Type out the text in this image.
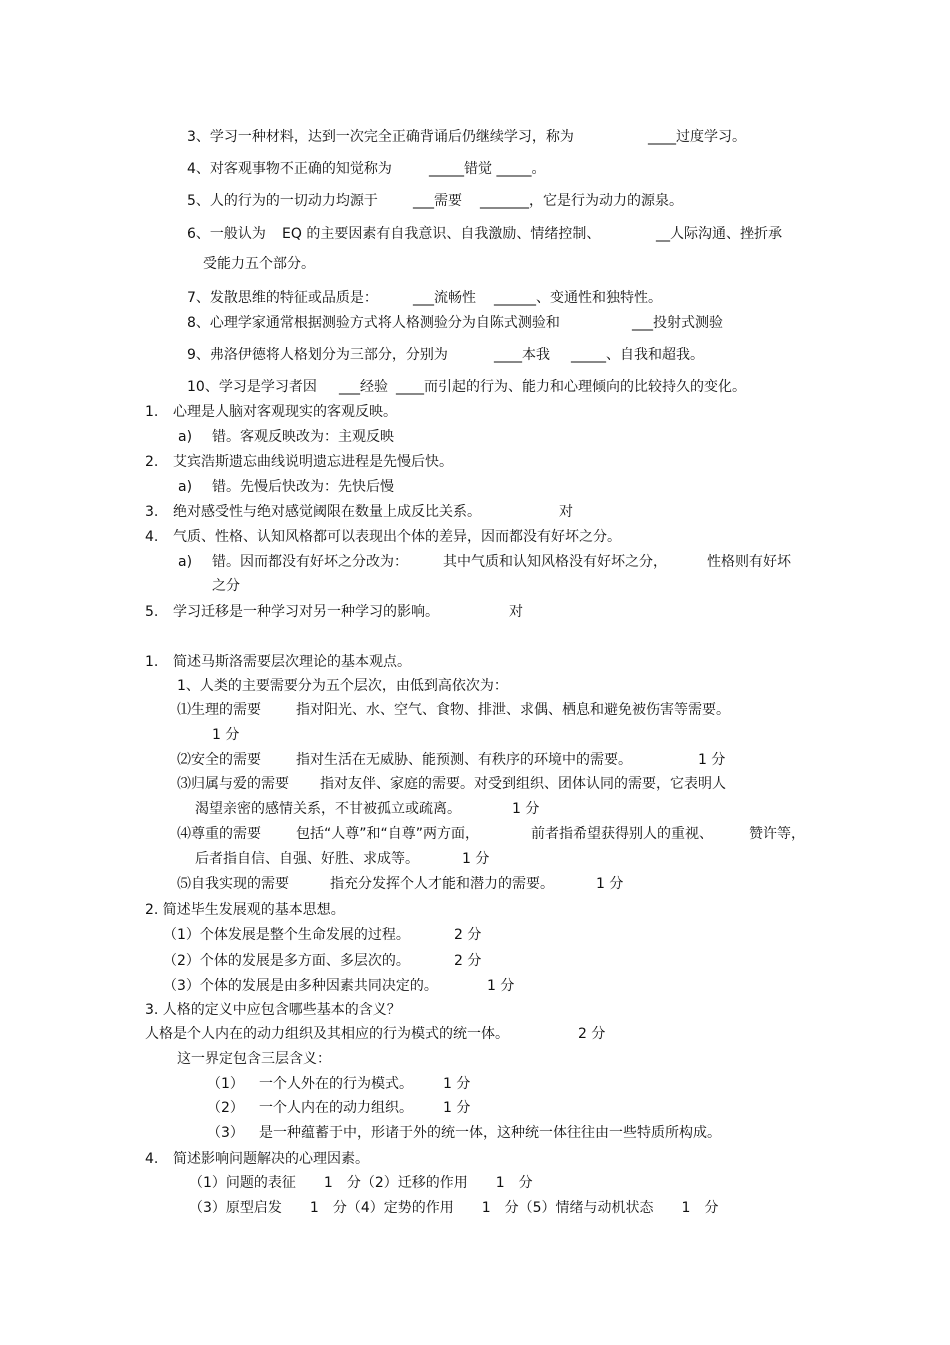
3、学习一种材料，达到一次完全正确背诵后仍继续学习，称为	____过度学习。
4、对客观事物不正确的知觉称为	_____错觉 _____。
5、人的行为的一切动力均源于	___需要 _______，它是行为动力的源泉。
6、一般认为 EQ 的主要因素有自我意识、自我激励、情绪控制、	__人际沟通、挫折承
受能力五个部分。
7、发散思维的特征或品质是：	___流畅性 ______、变通性和独特性。
8、心理学家通常根据测验方式将人格测验分为自陈式测验和	___投射式测验
9、弗洛伊德将人格划分为三部分，分别为	____本我 _____、自我和超我。
10、学习是学习者因 ___经验 ____而引起的行为、能力和心理倾向的比较持久的变化。
1. 心理是人脑对客观现实的客观反映。
a) 错。客观反映改为：主观反映
2. 艾宾浩斯遗忘曲线说明遗忘进程是先慢后快。
a) 错。先慢后快改为：先快后慢
3. 绝对感受性与绝对感觉阈限在数量上成反比关系。	对
4. 气质、性格、认知风格都可以表现出个体的差异，因而都没有好坏之分。
a) 错。因而都没有好坏之分改为：	其中气质和认知风格没有好坏之分，	性格则有好坏
之分
5. 学习迁移是一种学习对另一种学习的影响。	对
1. 简述马斯洛需要层次理论的基本观点。
1、人类的主要需要分为五个层次，由低到高依次为：
⑴生理的需要	指对阳光、水、空气、食物、排泄、求偶、栖息和避免被伤害等需要。
1 分
⑵安全的需要	指对生活在无威胁、能预测、有秩序的环境中的需要。	1 分
⑶归属与爱的需要 指对友伴、家庭的需要。对受到组织、团体认同的需要，它表明人
渴望亲密的感情关系，不甘被孤立或疏离。	1 分
⑷尊重的需要	包括“人尊”和“自尊”两方面，	前者指希望获得别人的重视、	赞许等，
后者指自信、自强、好胜、求成等。	1 分
⑸自我实现的需要	指充分发挥个人才能和潜力的需要。	1 分
2. 简述毕生发展观的基本思想。
（1）个体发展是整个生命发展的过程。	2 分
（2）个体的发展是多方面、多层次的。	2 分
（3）个体的发展是由多种因素共同决定的。	1 分
3. 人格的定义中应包含哪些基本的含义？
人格是个人内在的动力组织及其相应的行为模式的统一体。	2 分
这一界定包含三层含义：
（1） 一个人外在的行为模式。 1 分
（2） 一个人内在的动力组织。 1 分
（3） 是一种蕴蓄于中，形诸于外的统一体，这种统一体往往由一些特质所构成。
4. 简述影响问题解决的心理因素。
（1）问题的表征　　1　分（2）迁移的作用　　1　分
（3）原型启发　　1　分（4）定势的作用　　1　分（5）情绪与动机状态　　1　分
